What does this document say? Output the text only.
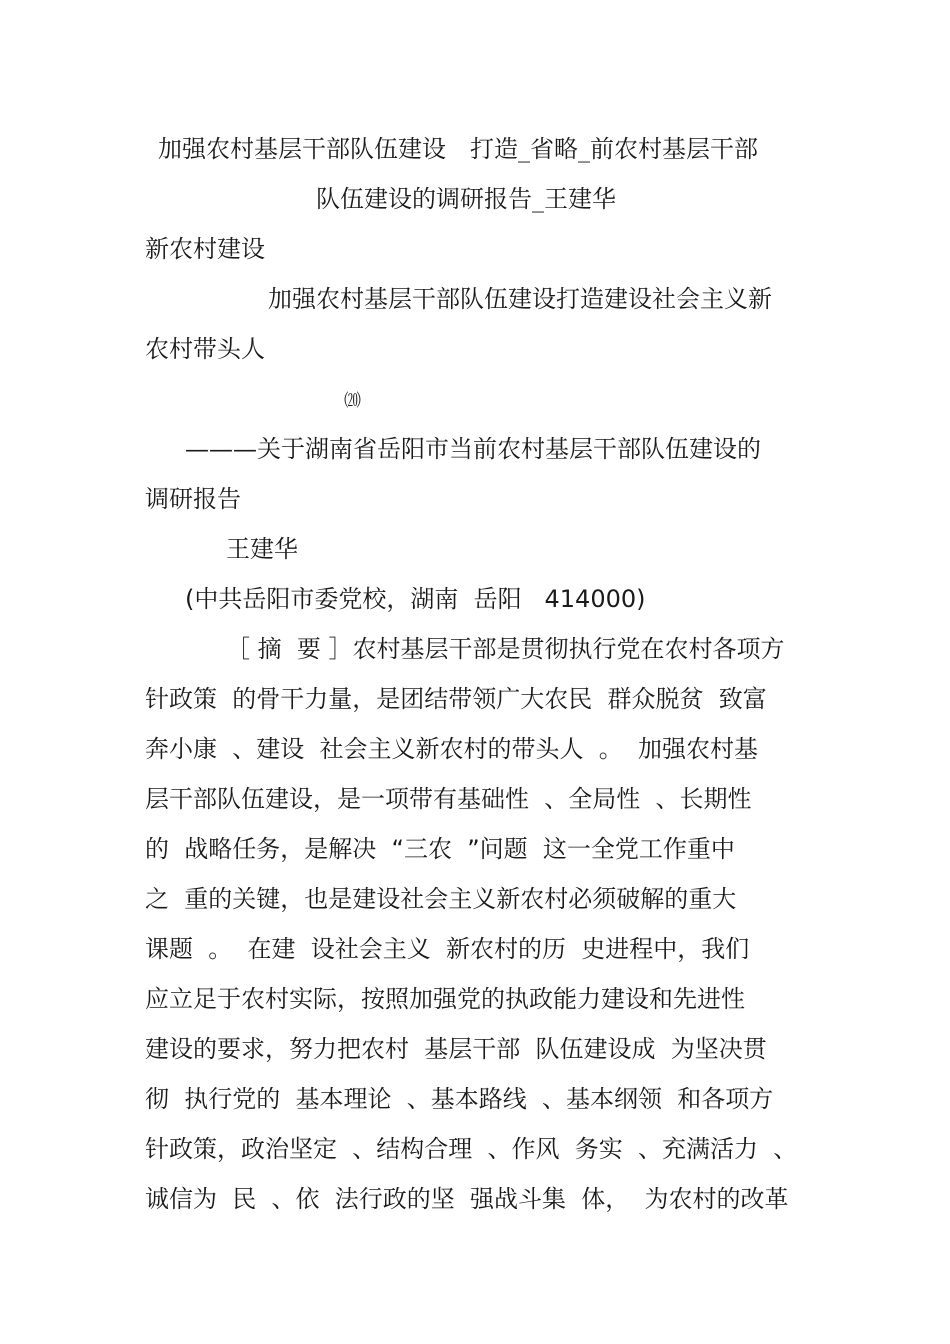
加强农村基层干部队伍建设　打造_省略_前农村基层干部
队伍建设的调研报告_王建华
新农村建设
加强农村基层干部队伍建设打造建设社会主义新
农村带头人
⒇
———关于湖南省岳阳市当前农村基层干部队伍建设的
调研报告
王建华
(中共岳阳市委党校，湖南  岳阳   414000)
［ 摘  要 ］农村基层干部是贯彻执行党在农村各项方
针政策  的骨干力量，是团结带领广大农民  群众脱贫  致富
奔小康  、建设  社会主义新农村的带头人  。  加强农村基
层干部队伍建设，是一项带有基础性  、全局性  、长期性
的  战略任务，是解决  “三农  ”问题  这一全党工作重中
之  重的关键，也是建设社会主义新农村必须破解的重大
课题  。  在建  设社会主义  新农村的历  史进程中，我们
应立足于农村实际，按照加强党的执政能力建设和先进性
建设的要求，努力把农村  基层干部  队伍建设成  为坚决贯
彻  执行党的  基本理论  、基本路线  、基本纲领  和各项方
针政策，政治坚定  、结构合理  、作风  务实  、充满活力  、
诚信为  民  、依  法行政的坚  强战斗集  体，  为农村的改革
